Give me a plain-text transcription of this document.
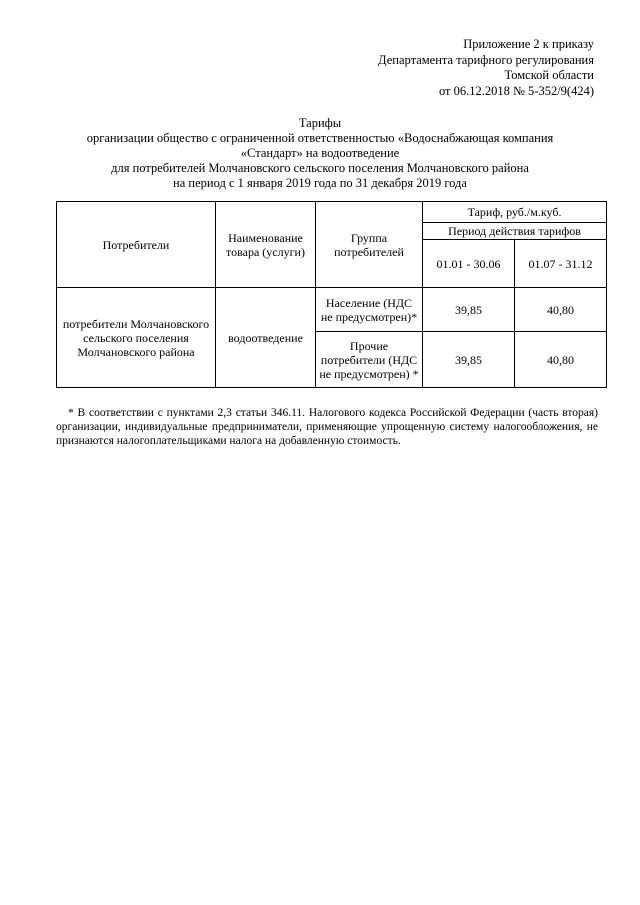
Приложение 2 к приказу
Департамента тарифного регулирования
Томской области
от 06.12.2018 № 5-352/9(424)
Тарифы
организации общество с ограниченной ответственностью «Водоснабжающая компания
«Стандарт» на водоотведение
для потребителей Молчановского сельского поселения Молчановского района
на период с 1 января 2019 года по 31 декабря 2019 года
Потребители	Наименование товара (услуги)	Группа потребителей	Тариф, руб./м.куб.	
			Период действия тарифов	
			01.01 - 30.06	01.07 - 31.12
потребители Молчановского сельского поселения Молчановского района	водоотведение	Население (НДС не предусмотрен)*	39,85	40,80
		Прочие потребители (НДС не предусмотрен) *	39,85	40,80
* В соответствии с пунктами 2,3 статьи 346.11. Налогового кодекса Российской Федерации (часть вторая) организации, индивидуальные предприниматели, применяющие упрощенную систему налогообложения, не признаются налогоплательщиками налога на добавленную стоимость.
